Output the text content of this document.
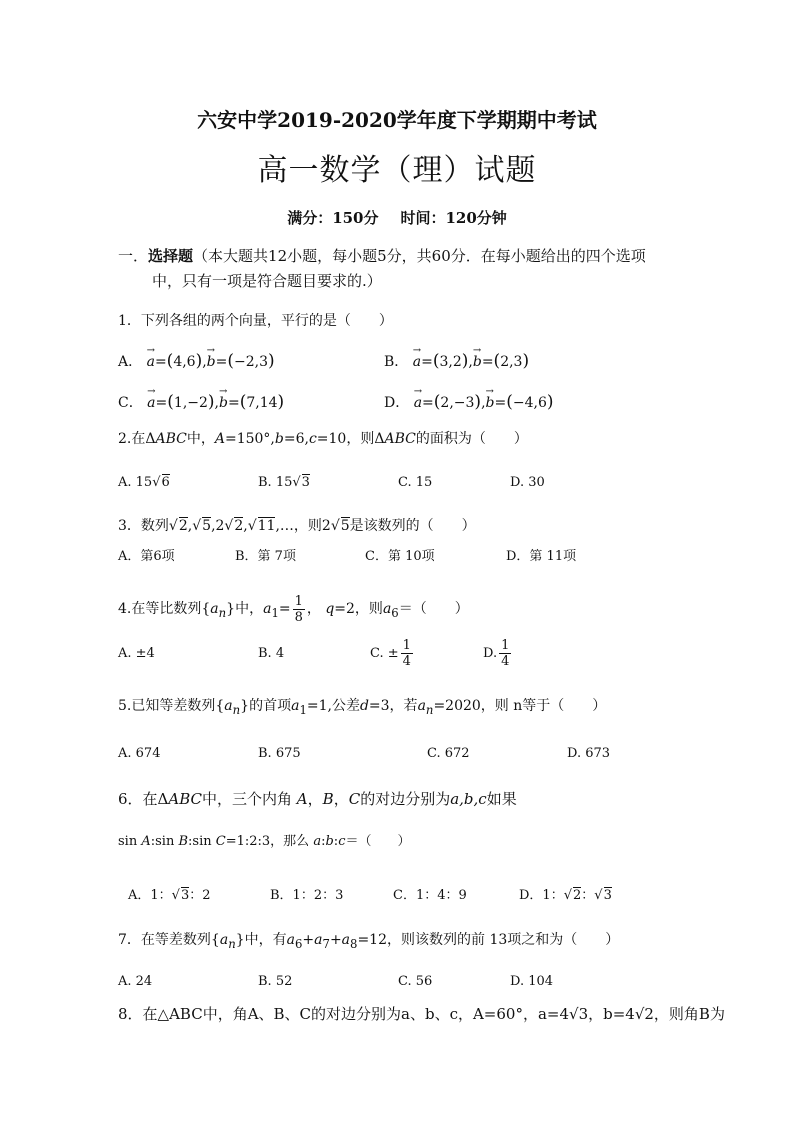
六安中学2019-2020学年度下学期期中考试
高一数学（理）试题
满分：150分 时间：120分钟
一．选择题（本大题共12小题，每小题5分，共60分．在每小题给出的四个选项
中，只有一项是符合题目要求的.）
1．下列各组的两个向量，平行的是（　　）
A． → a=(4,6),→ b=(−2,3)	B． → a=(3,2),→ b=(2,3)
C． → a=(1,−2),→ b=(7,14)	D． → a=(2,−3),→ b=(−4,6)
2.在ΔABC中，A=150°,b=6,c=10，则ΔABC的面积为（　　）
A. 15√6	B. 15√3	C. 15	D. 30
3．数列√2,√5,2√2,√11,…，则2√5是该数列的（　　）
A．第6项	B．第 7项	C．第 10项	D．第 11项
4.在等比数列$\{a_n\}$中，$a_1= \frac{1}{8}$ ， q=2，则$a_6=$（　　）
A. ±4	B. 4	C. ± $\frac{1}{4}$	D. $\frac{1}{4}$
5.已知等差数列$\{a_n\}$的首项$a_1=1$,公差d=3，若$a_n=2020$，则 n等于（　　）
A. 674	B. 675	C. 672	D. 673
6．在ΔABC中，三个内角 A，B，C的对边分别为a,b,c如果
sin A:sin B:sin C=1:2:3，那么 a:b:c＝（　　）
A．1：√3：2	B．1：2：3	C．1：4：9	D．1：√2：√3
7．在等差数列$\{a_n\}$中，有$a_6+a_7+a_8=12$，则该数列的前 13项之和为（　　）
A. 24	B. 52	C. 56	D. 104
8．在△ABC中，角A、B、C的对边分别为a、b、c，A=60°，a=4√3，b=4√2，则角B为
